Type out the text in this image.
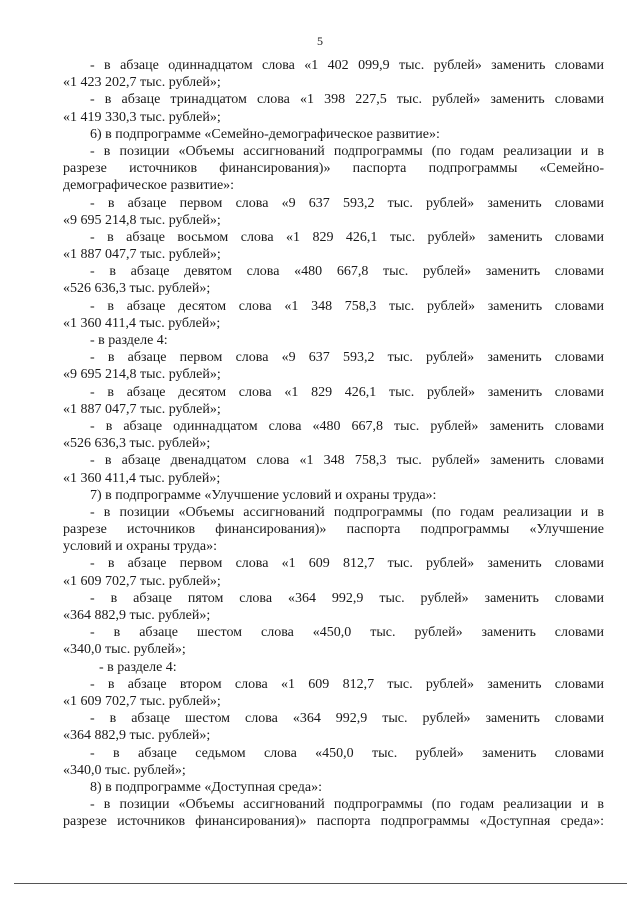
5
- в абзаце одиннадцатом слова «1 402 099,9 тыс. рублей» заменить словами
«1 423 202,7 тыс. рублей»;
- в абзаце тринадцатом слова «1 398 227,5 тыс. рублей» заменить словами
«1 419 330,3 тыс. рублей»;
6) в подпрограмме «Семейно-демографическое развитие»:
- в позиции «Объемы ассигнований подпрограммы (по годам реализации и в
разрезе источников финансирования)» паспорта подпрограммы «Семейно-
демографическое развитие»:
- в абзаце первом слова «9 637 593,2 тыс. рублей» заменить словами
«9 695 214,8 тыс. рублей»;
- в абзаце восьмом слова «1 829 426,1 тыс. рублей» заменить словами
«1 887 047,7 тыс. рублей»;
- в абзаце девятом слова «480 667,8 тыс. рублей» заменить словами
«526 636,3 тыс. рублей»;
- в абзаце десятом слова «1 348 758,3 тыс. рублей» заменить словами
«1 360 411,4 тыс. рублей»;
- в разделе 4:
- в абзаце первом слова «9 637 593,2 тыс. рублей» заменить словами
«9 695 214,8 тыс. рублей»;
- в абзаце десятом слова «1 829 426,1 тыс. рублей» заменить словами
«1 887 047,7 тыс. рублей»;
- в абзаце одиннадцатом слова «480 667,8 тыс. рублей» заменить словами
«526 636,3 тыс. рублей»;
- в абзаце двенадцатом слова «1 348 758,3 тыс. рублей» заменить словами
«1 360 411,4 тыс. рублей»;
7) в подпрограмме «Улучшение условий и охраны труда»:
- в позиции «Объемы ассигнований подпрограммы (по годам реализации и в
разрезе источников финансирования)» паспорта подпрограммы «Улучшение
условий и охраны труда»:
- в абзаце первом слова «1 609 812,7 тыс. рублей» заменить словами
«1 609 702,7 тыс. рублей»;
- в абзаце пятом слова «364 992,9 тыс. рублей» заменить словами
«364 882,9 тыс. рублей»;
- в абзаце шестом слова «450,0 тыс. рублей» заменить словами
«340,0 тыс. рублей»;
- в разделе 4:
- в абзаце втором слова «1 609 812,7 тыс. рублей» заменить словами
«1 609 702,7 тыс. рублей»;
- в абзаце шестом слова «364 992,9 тыс. рублей» заменить словами
«364 882,9 тыс. рублей»;
- в абзаце седьмом слова «450,0 тыс. рублей» заменить словами
«340,0 тыс. рублей»;
8) в подпрограмме «Доступная среда»:
- в позиции «Объемы ассигнований подпрограммы (по годам реализации и в
разрезе источников финансирования)» паспорта подпрограммы «Доступная среда»:
